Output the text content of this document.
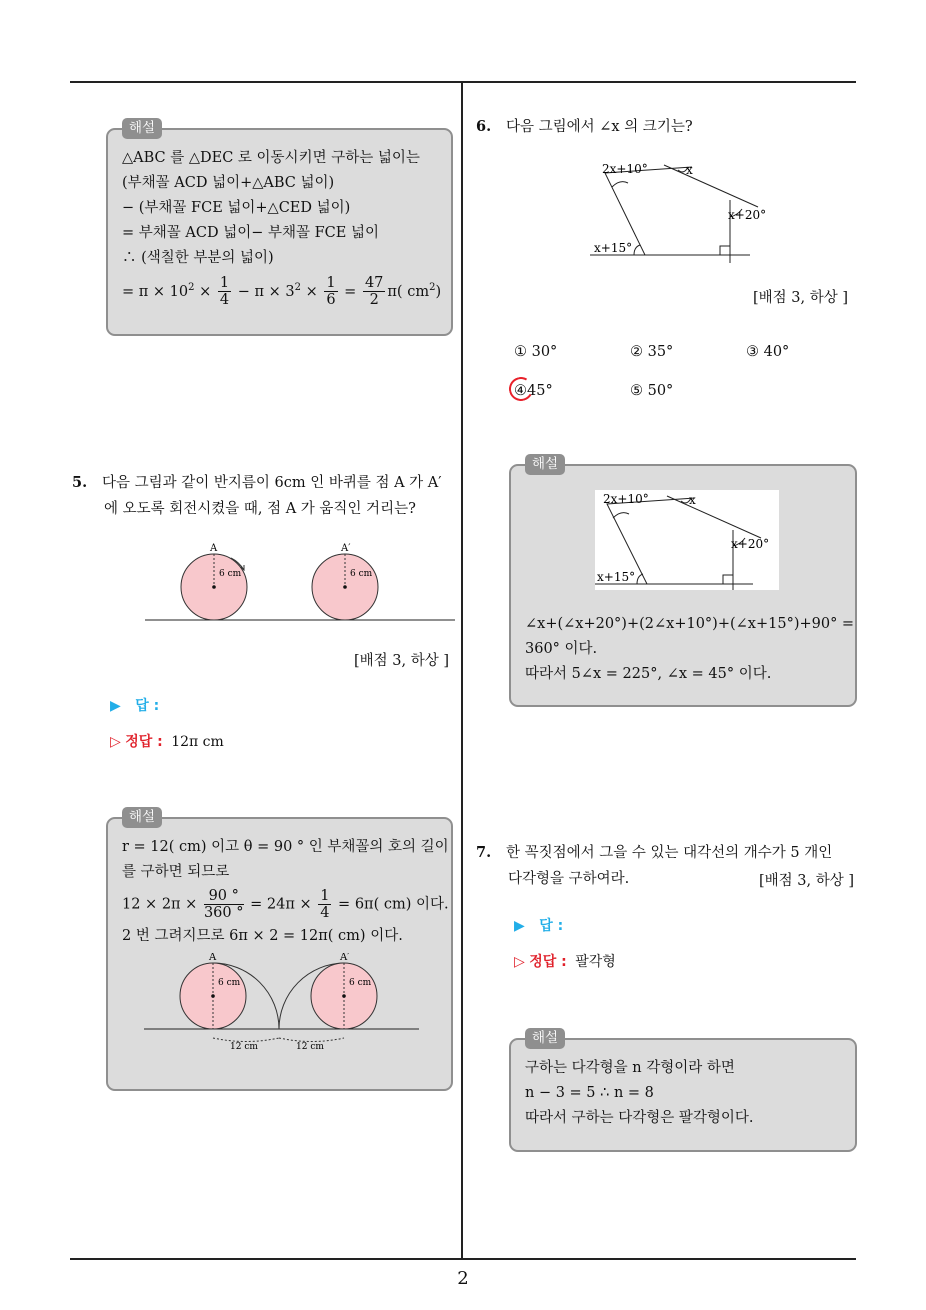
2
해설
△ABC 를 △DEC 로 이동시키면 구하는 넓이는
(부채꼴 ACD 넓이+△ABC 넓이)
− (부채꼴 FCE 넓이+△CED 넓이)
= 부채꼴 ACD 넓이− 부채꼴 FCE 넓이
∴ (색칠한 부분의 넓이)
= $\pi \times 10^2 \times \frac{1}{4} - \pi \times 3^2 \times \frac{1}{6} = \frac{47}{2} \pi$( $cm^2$)
5. 다음 그림과 같이 반지름이 6cm 인 바퀴를 점 A 가 A′
에 오도록 회전시켰을 때, 점 A 가 움직인 거리는?
A	A′
6 cm	6 cm
[배점 3, 하상 ]
▶ 답 :
▷ 정답 : 12π cm
해설
r = 12( cm) 이고 θ = 90 ° 인 부채꼴의 호의 길이
를 구하면 되므로
$12 \times 2\pi \times \frac{90 ^\circ}{360 ^\circ} = 24\pi \times \frac{1}{4} = 6\pi$( cm) 이다.
2 번 그려지므로 6π × 2 = 12π( cm) 이다.
A	A′
6 cm	6 cm
12 cm	12 cm
6. 다음 그림에서 ∠x 의 크기는?
2x+10°	x
x+20°
x+15°
[배점 3, 하상 ]
① 30°	② 35°	③ 40°
④45°	⑤ 50°
해설
2x+10°	x
x+20°
x+15°
∠x+(∠x+20°)+(2∠x+10°)+(∠x+15°)+90° =
360° 이다.
따라서 5∠x = 225°, ∠x = 45° 이다.
7. 한 꼭짓점에서 그을 수 있는 대각선의 개수가 5 개인
다각형을 구하여라.	[배점 3, 하상 ]
▶ 답 :
▷ 정답 : 팔각형
해설
구하는 다각형을 n 각형이라 하면
n − 3 = 5 ∴ n = 8
따라서 구하는 다각형은 팔각형이다.
